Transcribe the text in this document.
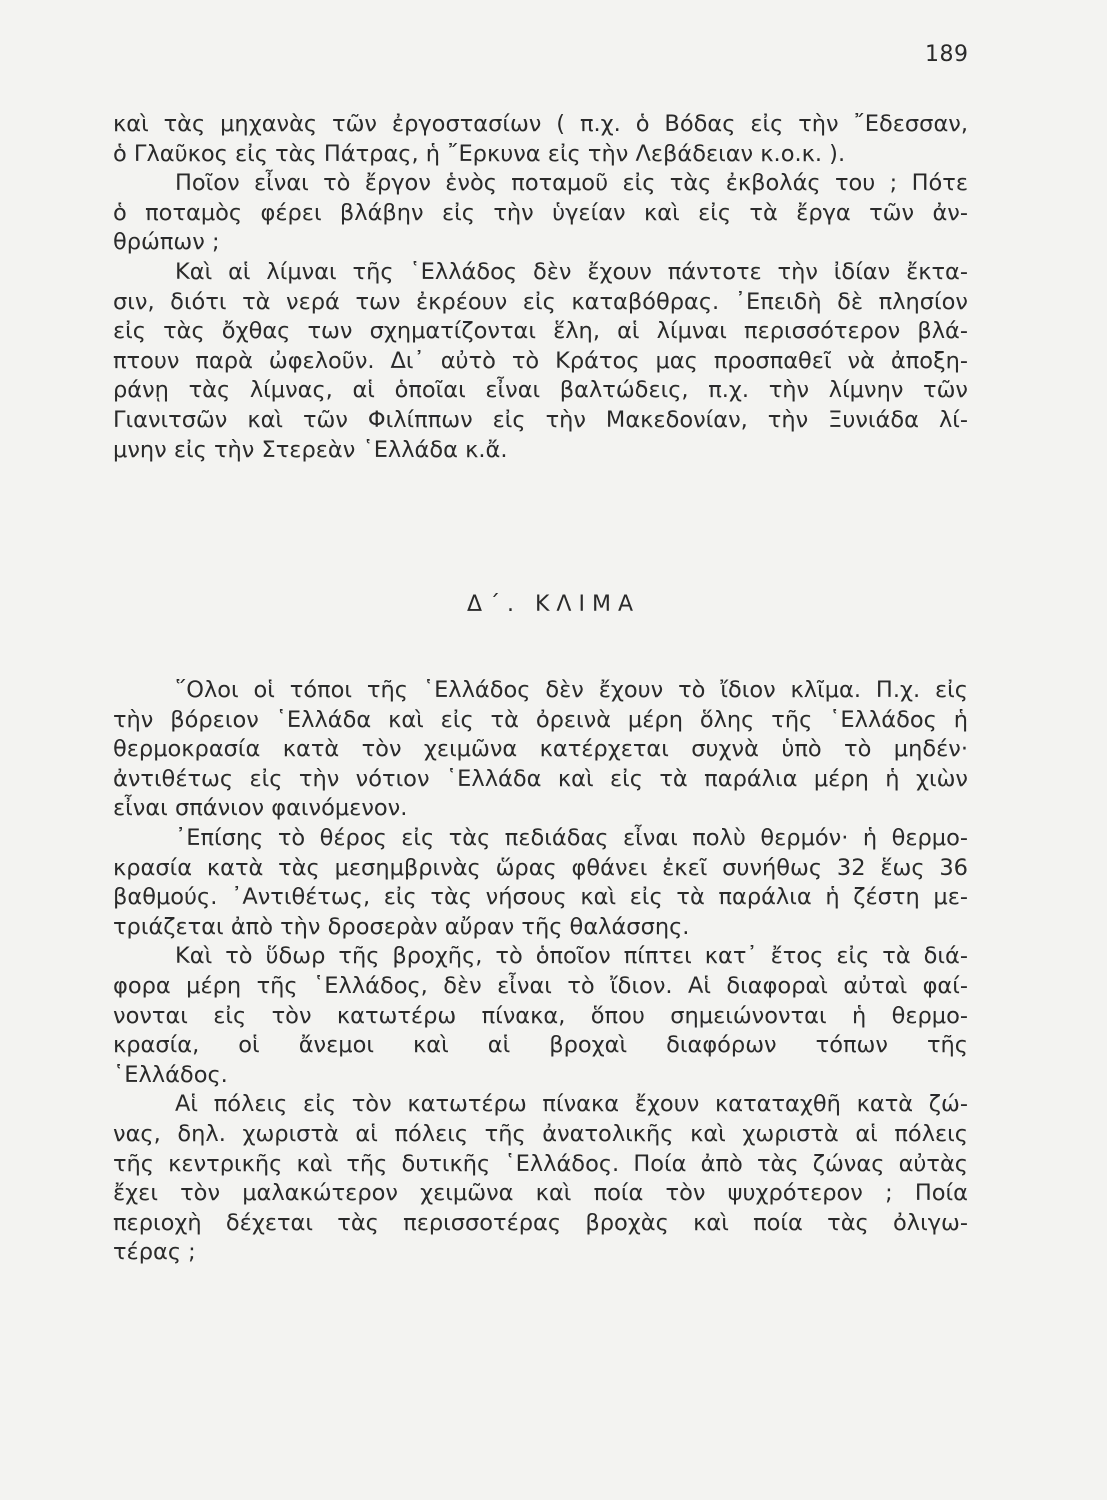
189
καὶ τὰς μηχανὰς τῶν ἐργοστασίων ( π.χ. ὁ Βόδας εἰς τὴν ῎Εδεσσαν,
ὁ Γλαῦκος εἰς τὰς Πάτρας, ἡ ῎Ερκυνα εἰς τὴν Λεβάδειαν κ.ο.κ. ).
Ποῖον εἶναι τὸ ἔργον ἑνὸς ποταμοῦ εἰς τὰς ἐκβολάς του ; Πότε
ὁ ποταμὸς φέρει βλάβην εἰς τὴν ὑγείαν καὶ εἰς τὰ ἔργα τῶν ἀν-
θρώπων ;
Καὶ αἱ λίμναι τῆς ῾Ελλάδος δὲν ἔχουν πάντοτε τὴν ἰδίαν ἔκτα-
σιν, διότι τὰ νερά των ἐκρέουν εἰς καταβόθρας. ᾿Επειδὴ δὲ πλησίον
εἰς τὰς ὄχθας των σχηματίζονται ἕλη, αἱ λίμναι περισσότερον βλά-
πτουν παρὰ ὠφελοῦν. Δι᾿ αὐτὸ τὸ Κράτος μας προσπαθεῖ νὰ ἀποξη-
ράνῃ τὰς λίμνας, αἱ ὁποῖαι εἶναι βαλτώδεις, π.χ. τὴν λίμνην τῶν
Γιανιτσῶν καὶ τῶν Φιλίππων εἰς τὴν Μακεδονίαν, τὴν Ξυνιάδα λί-
μνην εἰς τὴν Στερεὰν ῾Ελλάδα κ.ἄ.
Δ΄. ΚΛΙΜΑ
῞Ολοι οἱ τόποι τῆς ῾Ελλάδος δὲν ἔχουν τὸ ἴδιον κλῖμα. Π.χ. εἰς
τὴν βόρειον ῾Ελλάδα καὶ εἰς τὰ ὀρεινὰ μέρη ὅλης τῆς ῾Ελλάδος ἡ
θερμοκρασία κατὰ τὸν χειμῶνα κατέρχεται συχνὰ ὑπὸ τὸ μηδέν·
ἀντιθέτως εἰς τὴν νότιον ῾Ελλάδα καὶ εἰς τὰ παράλια μέρη ἡ χιὼν
εἶναι σπάνιον φαινόμενον.
᾿Επίσης τὸ θέρος εἰς τὰς πεδιάδας εἶναι πολὺ θερμόν· ἡ θερμο-
κρασία κατὰ τὰς μεσημβρινὰς ὥρας φθάνει ἐκεῖ συνήθως 32 ἕως 36
βαθμούς. ᾿Αντιθέτως, εἰς τὰς νήσους καὶ εἰς τὰ παράλια ἡ ζέστη με-
τριάζεται ἀπὸ τὴν δροσερὰν αὔραν τῆς θαλάσσης.
Καὶ τὸ ὕδωρ τῆς βροχῆς, τὸ ὁποῖον πίπτει κατ᾿ ἔτος εἰς τὰ διά-
φορα μέρη τῆς ῾Ελλάδος, δὲν εἶναι τὸ ἴδιον. Αἱ διαφοραὶ αὐταὶ φαί-
νονται εἰς τὸν κατωτέρω πίνακα, ὅπου σημειώνονται ἡ θερμο-
κρασία, οἱ ἄνεμοι καὶ αἱ βροχαὶ διαφόρων τόπων τῆς
῾Ελλάδος.
Αἱ πόλεις εἰς τὸν κατωτέρω πίνακα ἔχουν καταταχθῆ κατὰ ζώ-
νας, δηλ. χωριστὰ αἱ πόλεις τῆς ἀνατολικῆς καὶ χωριστὰ αἱ πόλεις
τῆς κεντρικῆς καὶ τῆς δυτικῆς ῾Ελλάδος. Ποία ἀπὸ τὰς ζώνας αὐτὰς
ἔχει τὸν μαλακώτερον χειμῶνα καὶ ποία τὸν ψυχρότερον ; Ποία
περιοχὴ δέχεται τὰς περισσοτέρας βροχὰς καὶ ποία τὰς ὀλιγω-
τέρας ;
